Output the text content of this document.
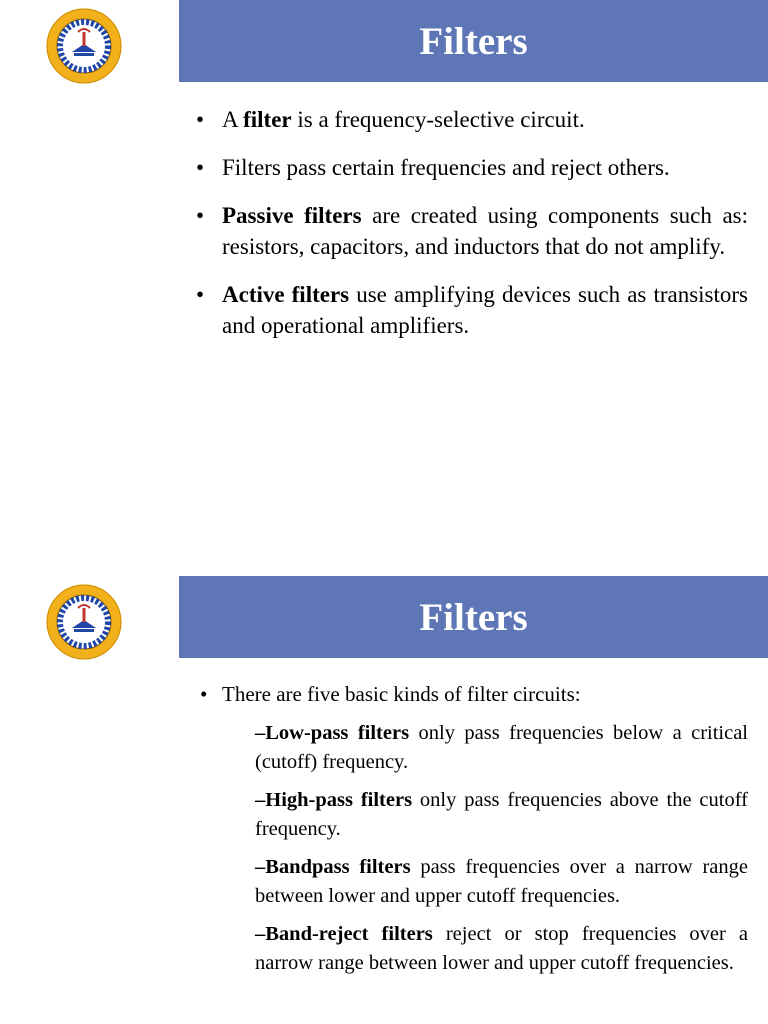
Filters
• A filter is a frequency-selective circuit.
• Filters pass certain frequencies and reject others.
• Passive filters are created using components such as: resistors, capacitors, and inductors that do not amplify.
• Active filters use amplifying devices such as transistors and operational amplifiers.
Filters
• There are five basic kinds of filter circuits:
–Low-pass filters only pass frequencies below a critical (cutoff) frequency.
–High-pass filters only pass frequencies above the cutoff frequency.
–Bandpass filters pass frequencies over a narrow range between lower and upper cutoff frequencies.
–Band-reject filters reject or stop frequencies over a narrow range between lower and upper cutoff frequencies.
